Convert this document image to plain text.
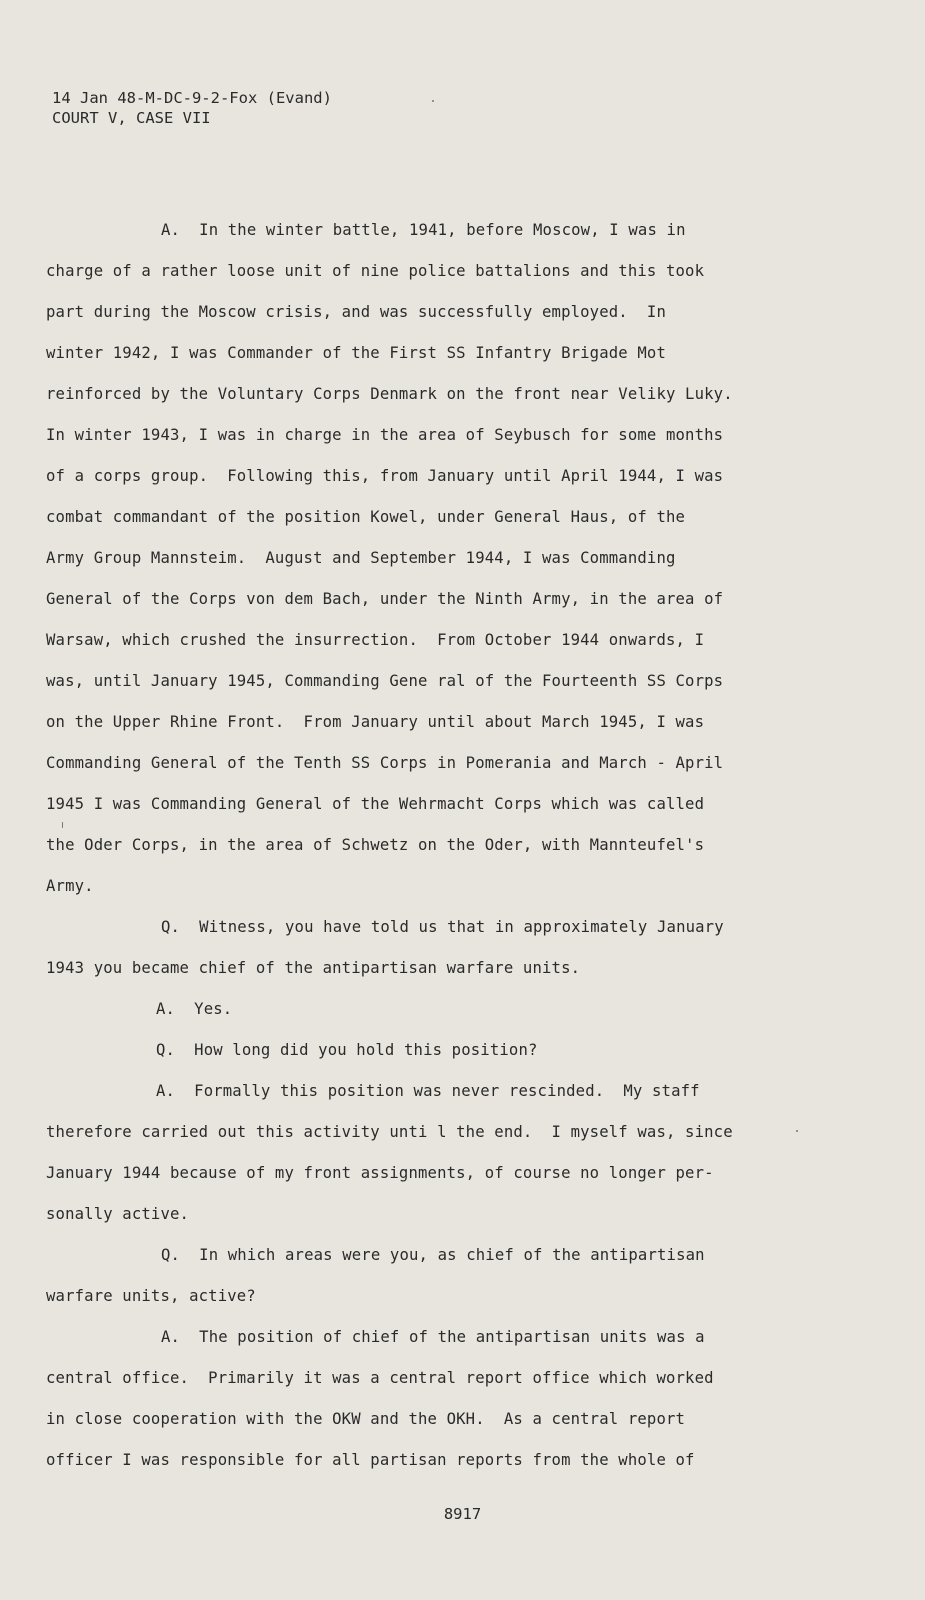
14 Jan 48-M-DC-9-2-Fox (Evand)
COURT V, CASE VII
A.  In the winter battle, 1941, before Moscow, I was in
charge of a rather loose unit of nine police battalions and this took
part during the Moscow crisis, and was successfully employed.  In
winter 1942, I was Commander of the First SS Infantry Brigade Mot
reinforced by the Voluntary Corps Denmark on the front near Veliky Luky.
In winter 1943, I was in charge in the area of Seybusch for some months
of a corps group.  Following this, from January until April 1944, I was
combat commandant of the position Kowel, under General Haus, of the
Army Group Mannsteim.  August and September 1944, I was Commanding
General of the Corps von dem Bach, under the Ninth Army, in the area of
Warsaw, which crushed the insurrection.  From October 1944 onwards, I
was, until January 1945, Commanding Gene ral of the Fourteenth SS Corps
on the Upper Rhine Front.  From January until about March 1945, I was
Commanding General of the Tenth SS Corps in Pomerania and March - April
1945 I was Commanding General of the Wehrmacht Corps which was called
the Oder Corps, in the area of Schwetz on the Oder, with Mannteufel's
Army.
Q.  Witness, you have told us that in approximately January
1943 you became chief of the antipartisan warfare units.
A.  Yes.
Q.  How long did you hold this position?
A.  Formally this position was never rescinded.  My staff
therefore carried out this activity unti l the end.  I myself was, since
January 1944 because of my front assignments, of course no longer per-
sonally active.
Q.  In which areas were you, as chief of the antipartisan
warfare units, active?
A.  The position of chief of the antipartisan units was a
central office.  Primarily it was a central report office which worked
in close cooperation with the OKW and the OKH.  As a central report
officer I was responsible for all partisan reports from the whole of
8917
